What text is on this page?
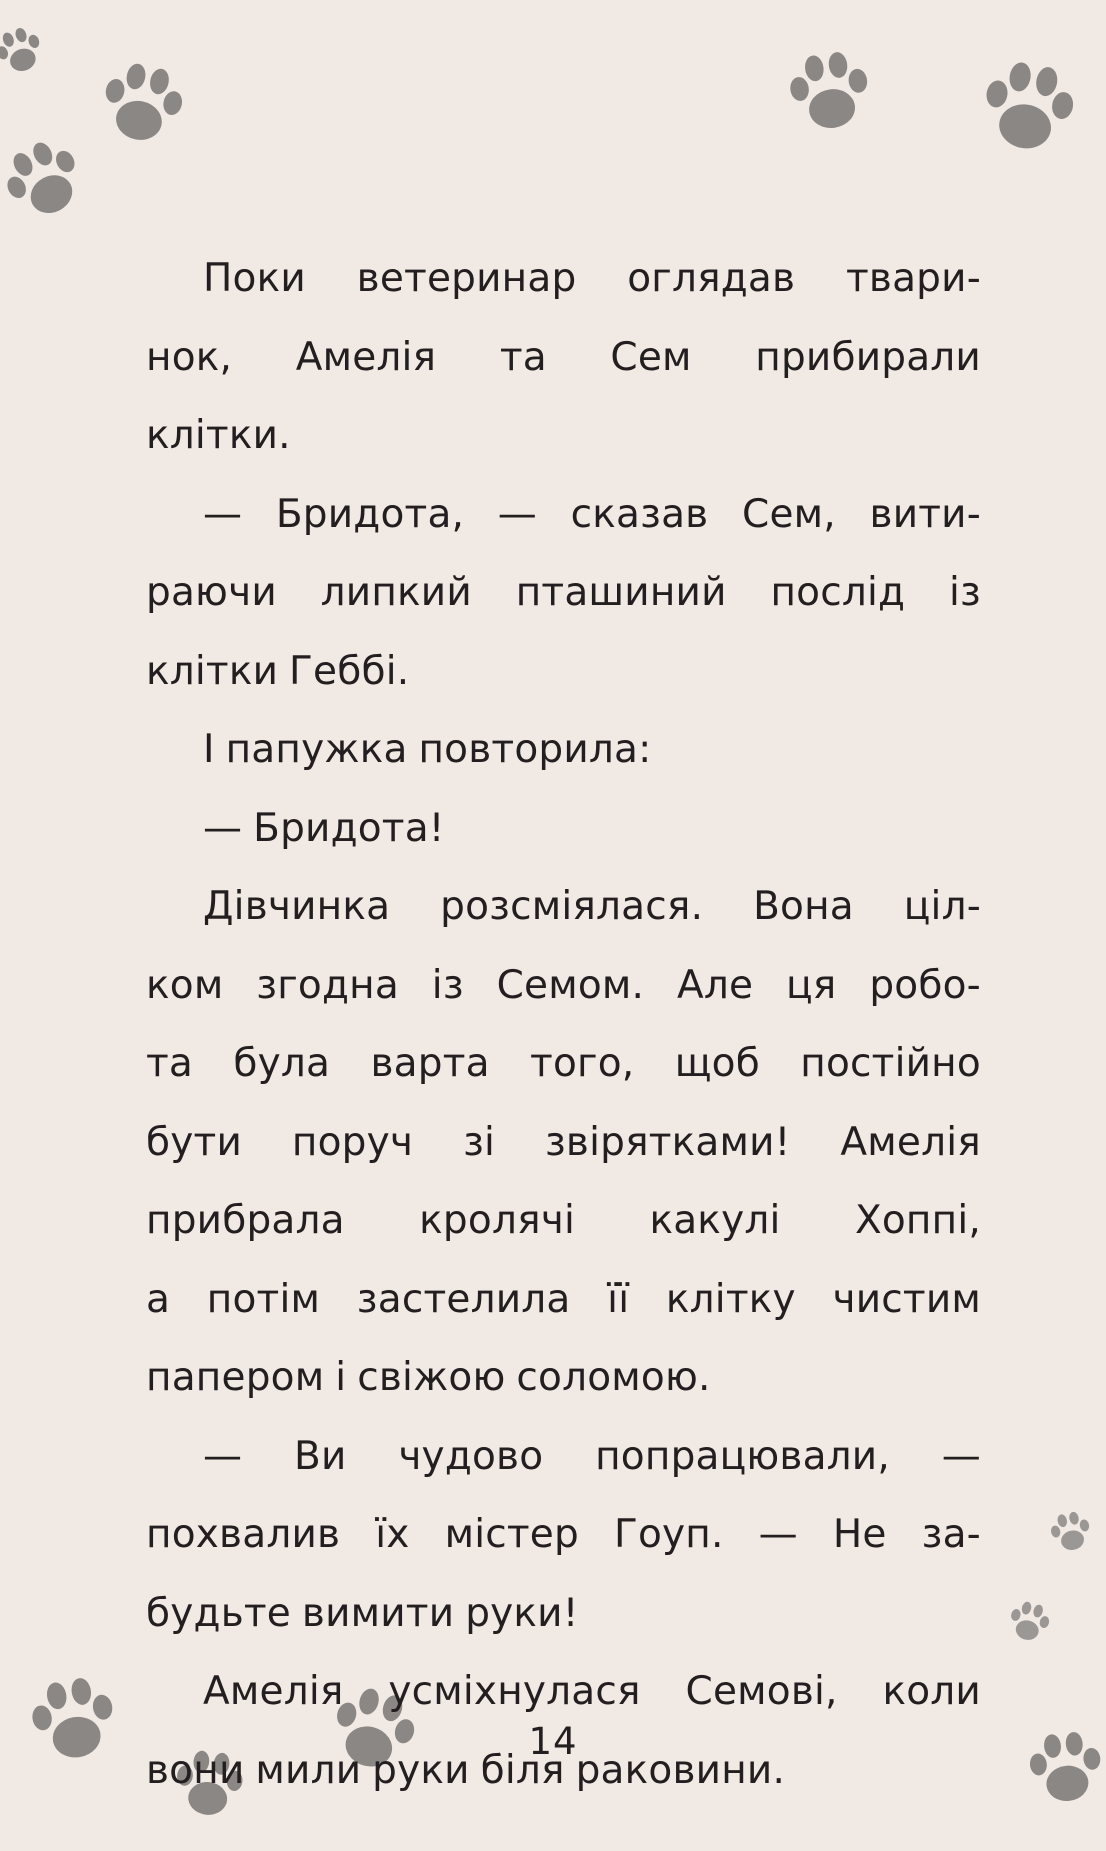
Поки ветеринар оглядав твари-
нок, Амелія та Сем прибирали
клітки.
— Бридота, — сказав Сем, вити-
раючи липкий пташиний послід із
клітки Геббі.
І папужка повторила:
— Бридота!
Дівчинка розсміялася. Вона ціл-
ком згодна із Семом. Але ця робо-
та була варта того, щоб постійно
бути поруч зі звірятками! Амелія
прибрала кролячі какулі Хоппі,
а потім застелила її клітку чистим
папером і свіжою соломою.
— Ви чудово попрацювали, —
похвалив їх містер Гоуп. — Не за-
будьте вимити руки!
Амелія усміхнулася Семові, коли
вони мили руки біля раковини.
14
